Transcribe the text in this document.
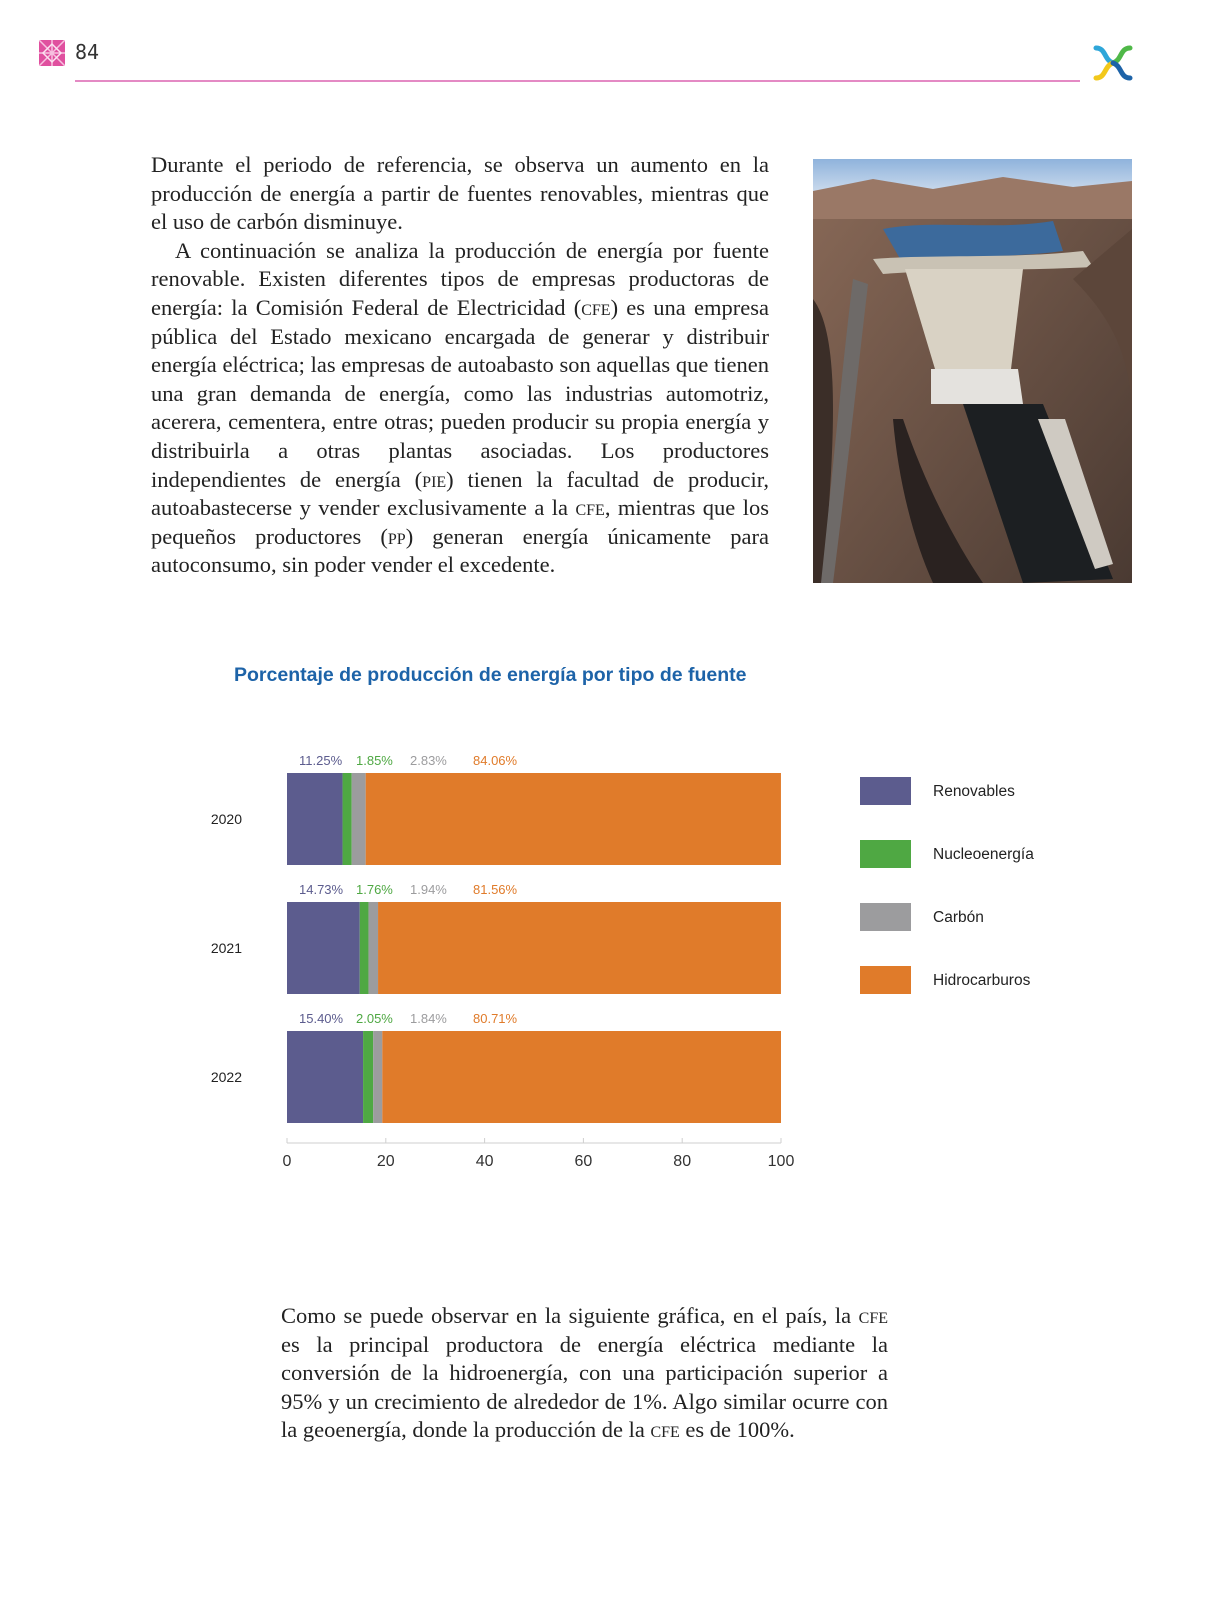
84

Durante el periodo de referencia, se observa un aumento en la producción de energía a partir de fuentes renovables, mientras que el uso de carbón disminuye.

A continuación se analiza la producción de energía por fuente renovable. Existen diferentes tipos de empresas productoras de energía: la Comisión Federal de Electricidad (cfe) es una empresa pública del Estado mexicano encargada de generar y distribuir energía eléctrica; las empresas de autoabasto son aquellas que tienen una gran demanda de energía, como las industrias automotriz, acerera, cementera, entre otras; pueden producir su propia energía y distribuirla a otras plantas asociadas. Los productores independientes de energía (pie) tienen la facultad de producir, autoabastecerse y vender exclusivamente a la cfe, mientras que los pequeños productores (pp) generan energía únicamente para autoconsumo, sin poder vender el excedente.

Porcentaje de producción de energía por tipo de fuente
0	20	40	60	80	100
2020
11.25% 1.85% 2.83% 84.06%
2021
14.73% 1.76% 1.94% 81.56%
2022
15.40% 2.05% 1.84% 80.71%
Renovables
Nucleoenergía
Carbón
Hidrocarburos

Como se puede observar en la siguiente gráfica, en el país, la cfe es la principal productora de energía eléctrica mediante la conversión de la hidroenergía, con una participación superior a 95% y un crecimiento de alrededor de 1%. Algo similar ocurre con la geoenergía, donde la producción de la cfe es de 100%.
